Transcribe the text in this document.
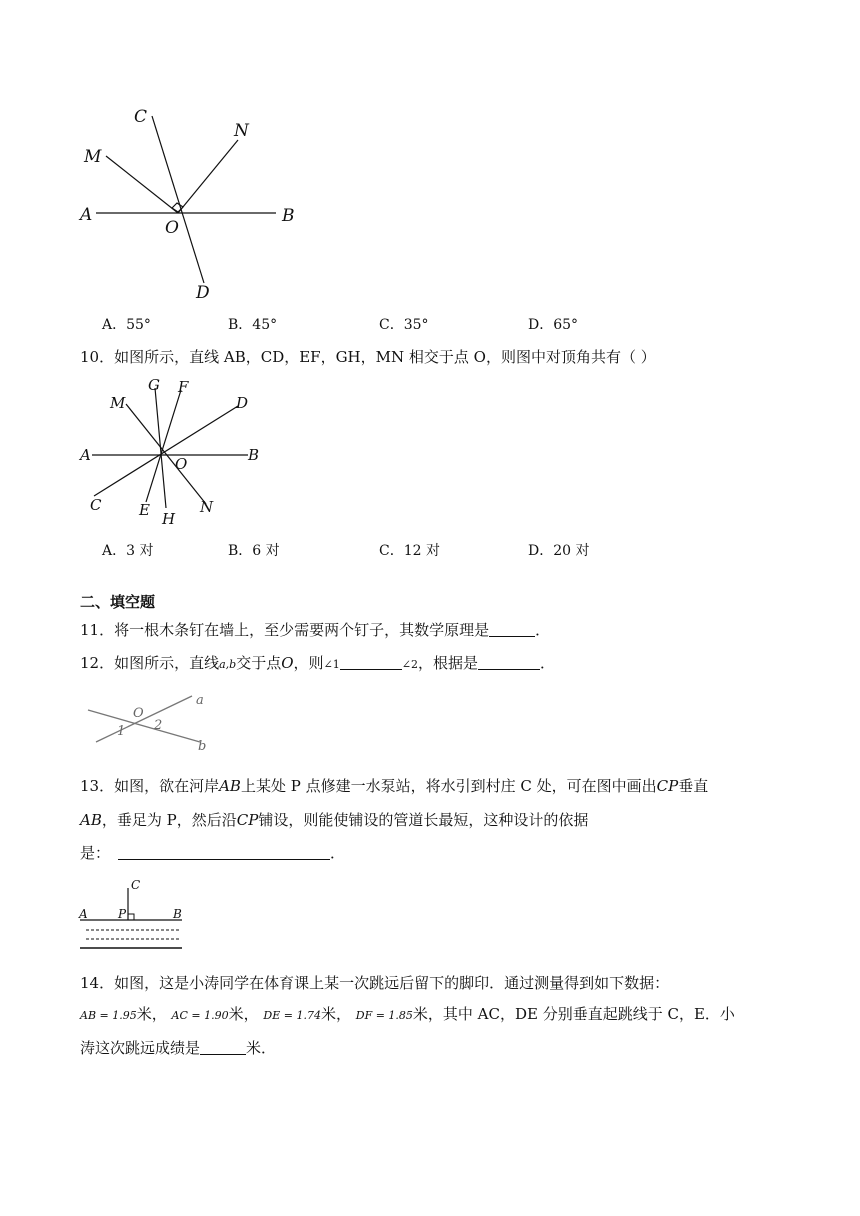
C
N
M
A
O
B
D
A．55°	B．45°	C．35°	D．65°
10．如图所示，直线 AB，CD，EF，GH，MN 相交于点 O，则图中对顶角共有（ ）
G F
M	D
A	O	B
C	E H
N
A．3 对	B．6 对	C．12 对	D．20 对
二、填空题
11．将一根木条钉在墙上，至少需要两个钉子，其数学原理是	．
12．如图所示，直线a,b交于点O，则∠1	∠2，根据是	．
a
b
O
1 2
13．如图，欲在河岸AB上某处 P 点修建一水泵站，将水引到村庄 C 处，可在图中画出CP垂直
AB，垂足为 P，然后沿CP铺设，则能使铺设的管道长最短，这种设计的依据
是：	．
C
A	P	B
14．如图，这是小涛同学在体育课上某一次跳远后留下的脚印．通过测量得到如下数据：
AB = 1.95米， AC = 1.90米， DE = 1.74米， DF = 1.85米，其中 AC，DE 分别垂直起跳线于 C，E．小
涛这次跳远成绩是	米．
